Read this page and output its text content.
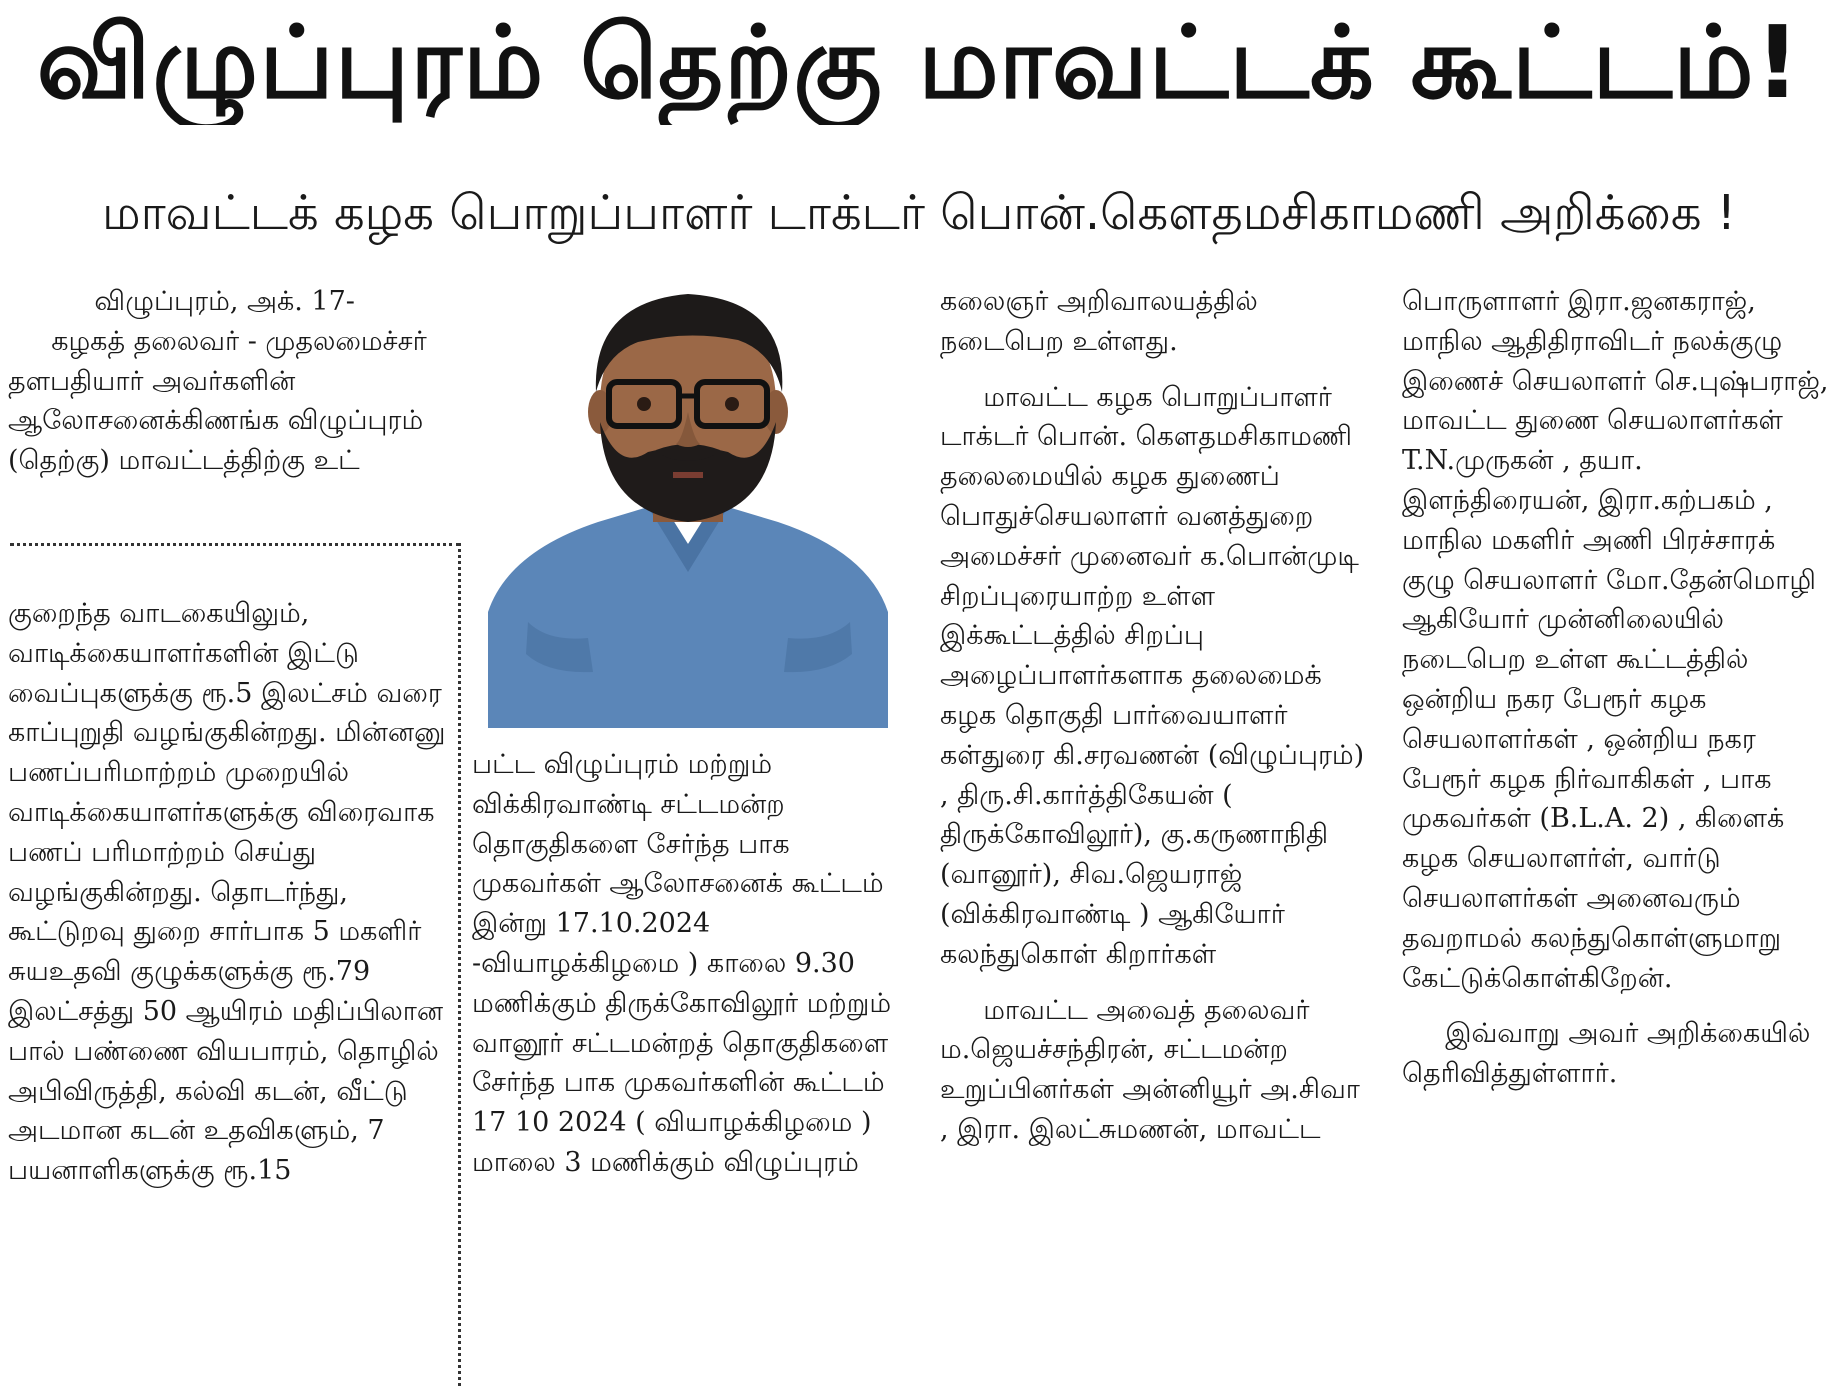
விழுப்புரம் தெற்கு மாவட்டக் கூட்டம்!
மாவட்டக் கழக பொறுப்பாளர் டாக்டர் பொன்.கௌதமசிகாமணி அறிக்கை !

விழுப்புரம், அக். 17-

கழகத் தலைவர் - முதலமைச்சர் தளபதியார் அவர்களின் ஆலோசனைக்கிணங்க விழுப்புரம் (தெற்கு) மாவட்டத்திற்கு உட்

குறைந்த வாடகையிலும், வாடிக்கையாளர்களின் இட்டு வைப்புகளுக்கு ரூ.5 இலட்சம் வரை காப்புறுதி வழங்குகின்றது. மின்னனு பணப்பரிமாற்றம் முறையில் வாடிக்கையாளர்களுக்கு விரைவாக பணப் பரிமாற்றம் செய்து வழங்குகின்றது. தொடர்ந்து, கூட்டுறவு துறை சார்பாக 5 மகளிர் சுயஉதவி குழுக்களுக்கு ரூ.79 இலட்சத்து 50 ஆயிரம் மதிப்பிலான பால் பண்ணை வியபாரம், தொழில் அபிவிருத்தி, கல்வி கடன், வீட்டு அடமான கடன் உதவிகளும், 7 பயனாளிகளுக்கு ரூ.15

பட்ட விழுப்புரம் மற்றும் விக்கிரவாண்டி சட்டமன்ற தொகுதிகளை சேர்ந்த பாக முகவர்கள் ஆலோசனைக் கூட்டம் இன்று 17.10.2024 -வியாழக்கிழமை ) காலை 9.30 மணிக்கும் திருக்கோவிலூர் மற்றும் வானூர் சட்டமன்றத் தொகுதிகளை சேர்ந்த பாக முகவர்களின் கூட்டம் 17 10 2024 ( வியாழக்கிழமை ) மாலை 3 மணிக்கும் விழுப்புரம்

கலைஞர் அறிவாலயத்தில் நடைபெற உள்ளது.

மாவட்ட கழக பொறுப்பாளர் டாக்டர் பொன். கௌதமசிகாமணி தலைமையில் கழக துணைப் பொதுச்செயலாளர் வனத்துறை அமைச்சர் முனைவர் க.பொன்முடி சிறப்புரையாற்ற உள்ள இக்கூட்டத்தில் சிறப்பு அழைப்பாளர்களாக தலைமைக் கழக தொகுதி பார்வையாளர் கள்துரை கி.சரவணன் (விழுப்புரம்) , திரு.சி.கார்த்திகேயன் ( திருக்கோவிலூர்), கு.கருணாநிதி (வானூர்), சிவ.ஜெயராஜ் (விக்கிரவாண்டி ) ஆகியோர் கலந்துகொள் கிறார்கள்

மாவட்ட அவைத் தலைவர் ம.ஜெயச்சந்திரன், சட்டமன்ற உறுப்பினர்கள் அன்னியூர் அ.சிவா , இரா. இலட்சுமணன், மாவட்ட

பொருளாளர் இரா.ஜனகராஜ், மாநில ஆதிதிராவிடர் நலக்குழு இணைச் செயலாளர் செ.புஷ்பராஜ், மாவட்ட துணை செயலாளர்கள் T.N.முருகன் , தயா. இளந்திரையன், இரா.கற்பகம் , மாநில மகளிர் அணி பிரச்சாரக் குழு செயலாளர் மோ.தேன்மொழி ஆகியோர் முன்னிலையில் நடைபெற உள்ள கூட்டத்தில் ஒன்றிய நகர பேரூர் கழக செயலாளர்கள் , ஒன்றிய நகர பேரூர் கழக நிர்வாகிகள் , பாக முகவர்கள் (B.L.A. 2) , கிளைக் கழக செயலாளர்ள், வார்டு செயலாளர்கள் அனைவரும் தவறாமல் கலந்துகொள்ளுமாறு கேட்டுக்கொள்கிறேன்.

இவ்வாறு அவர் அறிக்கையில் தெரிவித்துள்ளார்.
